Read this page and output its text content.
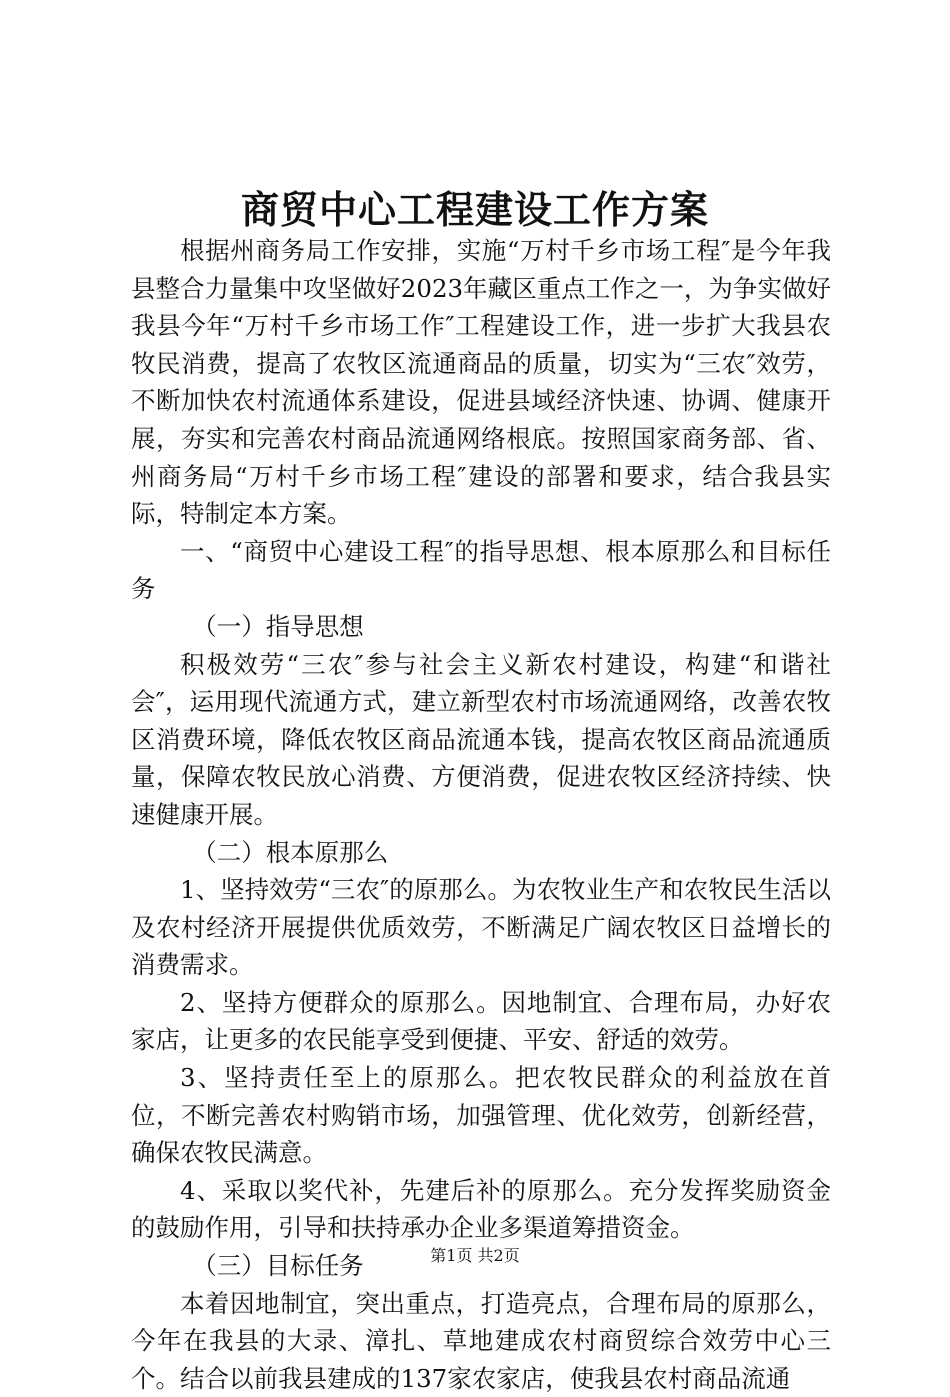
商贸中心工程建设工作方案

根据州商务局工作安排，实施“万村千乡市场工程″是今年我县整合力量集中攻坚做好2023年藏区重点工作之一，为争实做好我县今年“万村千乡市场工作″工程建设工作，进一步扩大我县农牧民消费，提高了农牧区流通商品的质量，切实为“三农″效劳，不断加快农村流通体系建设，促进县域经济快速、协调、健康开展，夯实和完善农村商品流通网络根底。按照国家商务部、省、州商务局“万村千乡市场工程″建设的部署和要求，结合我县实际，特制定本方案。

一、“商贸中心建设工程″的指导思想、根本原那么和目标任务

（一）指导思想

积极效劳“三农″参与社会主义新农村建设，构建“和谐社会″，运用现代流通方式，建立新型农村市场流通网络，改善农牧区消费环境，降低农牧区商品流通本钱，提高农牧区商品流通质量，保障农牧民放心消费、方便消费，促进农牧区经济持续、快速健康开展。

（二）根本原那么

1、坚持效劳“三农″的原那么。为农牧业生产和农牧民生活以及农村经济开展提供优质效劳，不断满足广阔农牧区日益增长的消费需求。

2、坚持方便群众的原那么。因地制宜、合理布局，办好农家店，让更多的农民能享受到便捷、平安、舒适的效劳。

3、坚持责任至上的原那么。把农牧民群众的利益放在首位，不断完善农村购销市场，加强管理、优化效劳，创新经营，确保农牧民满意。

4、采取以奖代补，先建后补的原那么。充分发挥奖励资金的鼓励作用，引导和扶持承办企业多渠道筹措资金。

（三）目标任务

本着因地制宜，突出重点，打造亮点，合理布局的原那么，今年在我县的大录、漳扎、草地建成农村商贸综合效劳中心三个。结合以前我县建成的137家农家店，使我县农村商品流通

第1页 共2页
